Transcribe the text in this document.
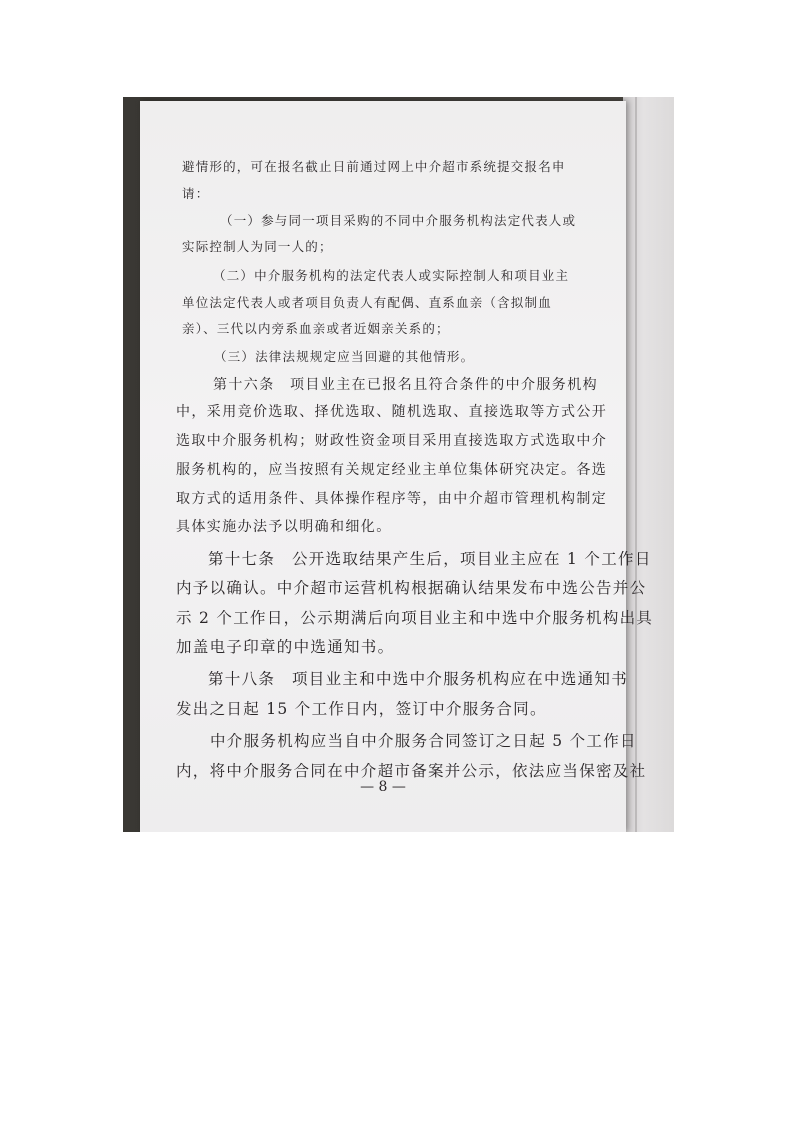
避情形的，可在报名截止日前通过网上中介超市系统提交报名申

请：

（一）参与同一项目采购的不同中介服务机构法定代表人或

实际控制人为同一人的；

（二）中介服务机构的法定代表人或实际控制人和项目业主

单位法定代表人或者项目负责人有配偶、直系血亲（含拟制血

亲）、三代以内旁系血亲或者近姻亲关系的；

（三）法律法规规定应当回避的其他情形。

第十六条　项目业主在已报名且符合条件的中介服务机构

中，采用竞价选取、择优选取、随机选取、直接选取等方式公开

选取中介服务机构；财政性资金项目采用直接选取方式选取中介

服务机构的，应当按照有关规定经业主单位集体研究决定。各选

取方式的适用条件、具体操作程序等，由中介超市管理机构制定

具体实施办法予以明确和细化。

第十七条　公开选取结果产生后，项目业主应在 1 个工作日

内予以确认。中介超市运营机构根据确认结果发布中选公告并公

示 2 个工作日，公示期满后向项目业主和中选中介服务机构出具

加盖电子印章的中选通知书。

第十八条　项目业主和中选中介服务机构应在中选通知书

发出之日起 15 个工作日内，签订中介服务合同。

中介服务机构应当自中介服务合同签订之日起 5 个工作日

内，将中介服务合同在中介超市备案并公示，依法应当保密及社

— 8 —
